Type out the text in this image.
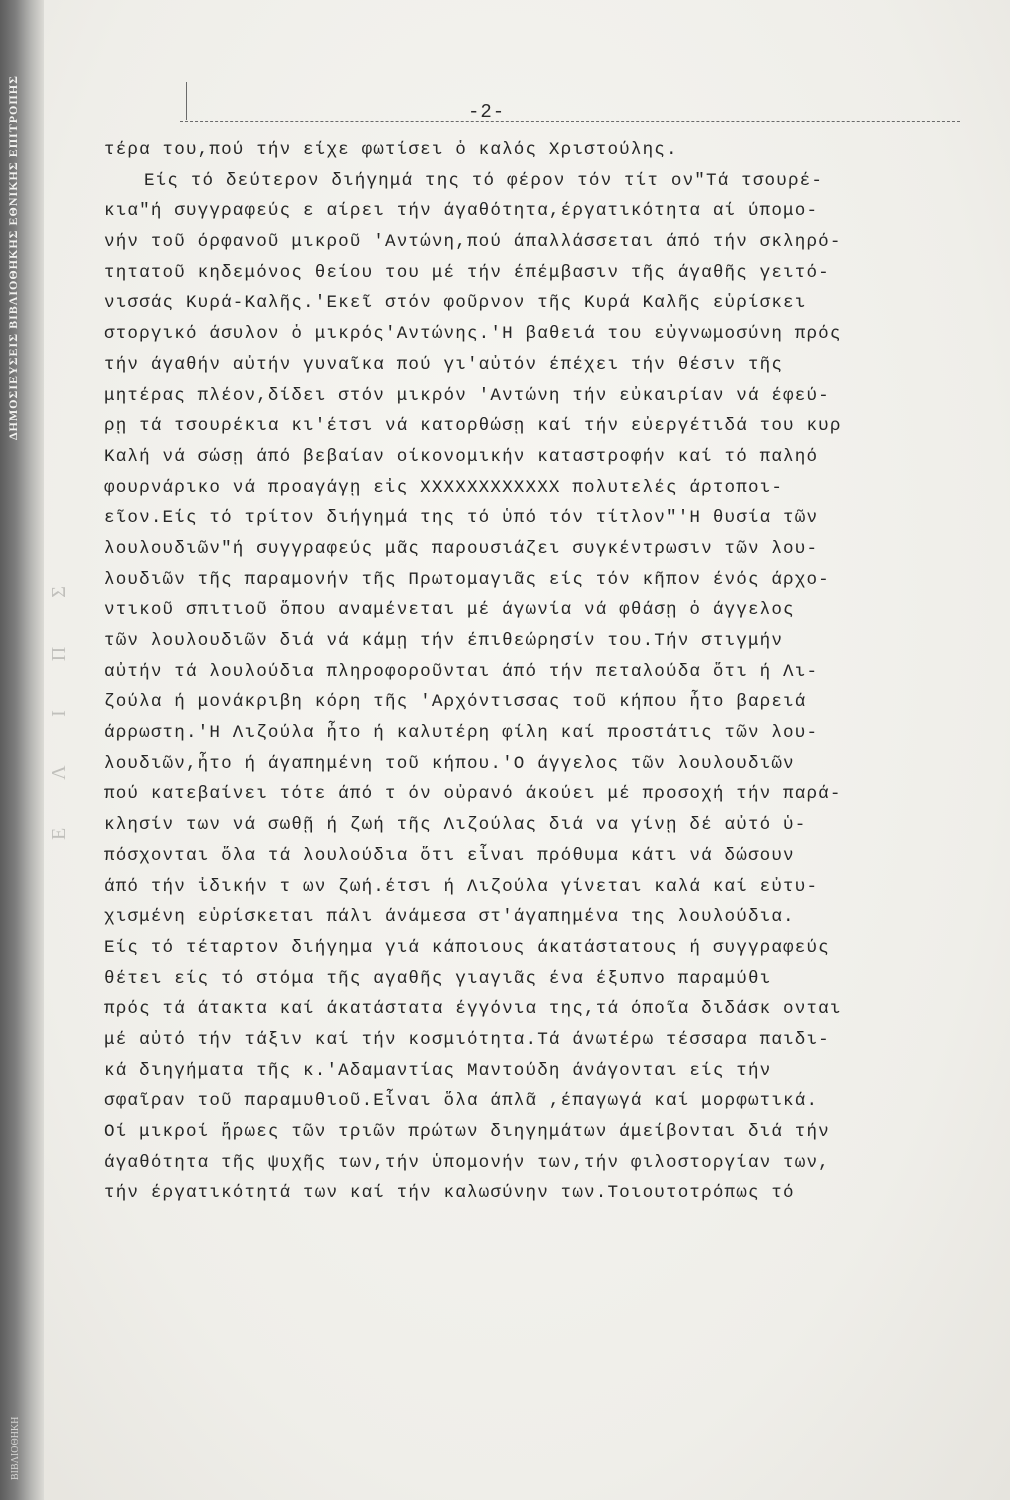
ΔΗΜΟΣΙΕΥΣΕΙΣ ΒΙΒΛΙΟΘΗΚΗΣ ΕΘΝΙΚΗΣ ΕΠΙΤΡΟΠΗΣ
ΒΙΒΛΙΟΘΗΚΗ
Ε Λ Ι Π Σ
-2-
τέρα του,πού τήν είχε φωτίσει ὁ καλός Χριστούλης.
Είς τό δεύτερον διήγημά της τό φέρον τόν τίτ ον"Τά τσουρέ-
κια"ή συγγραφεύς ε αίρει τήν άγαθότητα,έργατικότητα αί ύπομο-
νήν τοῦ όρφανοῦ μικροῦ 'Αντώνη,πού άπαλλάσσεται άπό τήν σκληρό-
τητατοῦ κηδεμόνος θείου του μέ τήν έπέμβασιν τῆς άγαθῆς γειτό-
νισσάς Κυρά-Καλῆς.'Εκεῖ στόν φοῦρνον τῆς Κυρά Καλῆς εὑρίσκει
στοργικό άσυλον ὁ μικρός'Αντώνης.'Η βαθειά του εὐγνωμοσύνη πρός
τήν άγαθήν αὐτήν γυναῖκα πού γι'αὐτόν έπέχει τήν θέσιν τῆς
μητέρας πλέον,δίδει στόν μικρόν 'Αντώνη τήν εὐκαιρίαν νά έφεύ-
ρῃ τά τσουρέκια κι'έτσι νά κατορθώσῃ καί τήν εὐεργέτιδά του κυρ
Καλή νά σώσῃ άπό βεβαίαν οίκονομικήν καταστροφήν καί τό παληό
φουρνάρικο νά προαγάγῃ εἰς ΧΧΧΧΧΧΧΧΧΧΧΧ πολυτελές άρτοποι-
εῖον.Είς τό τρίτον διήγημά της τό ὑπό τόν τίτλον"'Η θυσία τῶν
λουλουδιῶν"ή συγγραφεύς μᾶς παρουσιάζει συγκέντρωσιν τῶν λου-
λουδιῶν τῆς παραμονήν τῆς Πρωτομαγιᾶς είς τόν κῆπον ένός άρχο-
ντικοῦ σπιτιοῦ ὅπου αναμένεται μέ άγωνία νά φθάσῃ ὁ άγγελος
τῶν λουλουδιῶν διά νά κάμῃ τήν έπιθεώρησίν του.Τήν στιγμήν
αὐτήν τά λουλούδια πληροφοροῦνται άπό τήν πεταλούδα ὅτι ή Λι-
ζούλα ή μονάκριβη κόρη τῆς 'Αρχόντισσας τοῦ κήπου ἦτο βαρειά
άρρωστη.'Η Λιζούλα ἦτο ή καλυτέρη φίλη καί προστάτις τῶν λου-
λουδιῶν,ἦτο ή άγαπημένη τοῦ κήπου.'Ο άγγελος τῶν λουλουδιῶν
πού κατεβαίνει τότε άπό τ όν οὐρανό άκούει μέ προσοχή τήν παρά-
κλησίν των νά σωθῇ ή ζωή τῆς Λιζούλας διά να γίνῃ δέ αὐτό ὑ-
πόσχονται ὅλα τά λουλούδια ὅτι εἶναι πρόθυμα κάτι νά δώσουν
άπό τήν ἰδικήν τ ων ζωή.έτσι ή Λιζούλα γίνεται καλά καί εὐτυ-
χισμένη εὑρίσκεται πάλι άνάμεσα στ'άγαπημένα της λουλούδια.
Είς τό τέταρτον διήγημα γιά κάποιους άκατάστατους ή συγγραφεύς
θέτει είς τό στόμα τῆς αγαθῆς γιαγιᾶς ένα έξυπνο παραμύθι
πρός τά άτακτα καί άκατάστατα έγγόνια της,τά όποῖα διδάσκ ονται
μέ αὐτό τήν τάξιν καί τήν κοσμιότητα.Τά άνωτέρω τέσσαρα παιδι-
κά διηγήματα τῆς κ.'Αδαμαντίας Μαντούδη άνάγονται είς τήν
σφαῖραν τοῦ παραμυθιοῦ.Εἶναι ὅλα άπλᾶ ,έπαγωγά καί μορφωτικά.
Οί μικροί ἥρωες τῶν τριῶν πρώτων διηγημάτων άμείβονται διά τήν
άγαθότητα τῆς ψυχῆς των,τήν ὑπομονήν των,τήν φιλοστοργίαν των,
τήν έργατικότητά των καί τήν καλωσύνην των.Τοιουτοτρόπως τό
